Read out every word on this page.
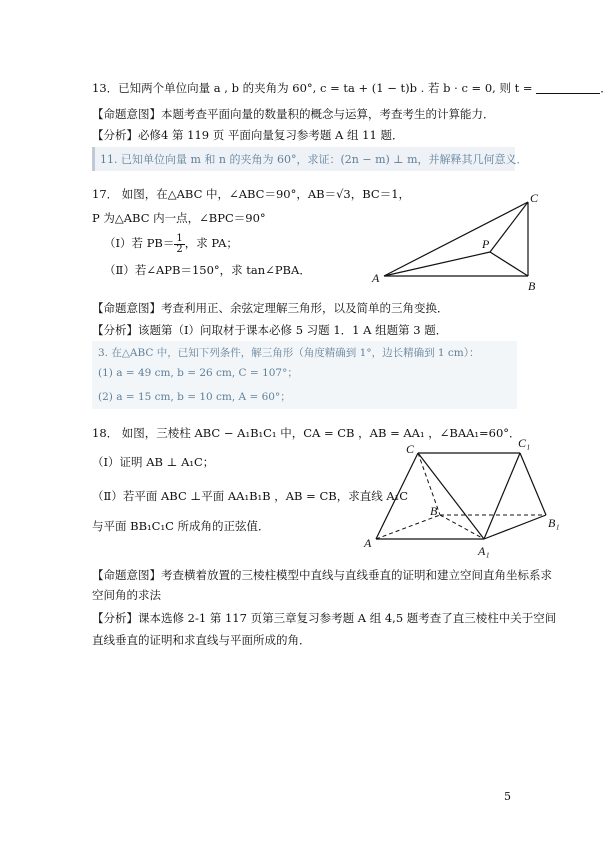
13．已知两个单位向量 a , b 的夹角为 60°, c = ta + (1 − t)b . 若 b · c = 0, 则 t =	．
【命题意图】本题考查平面向量的数量积的概念与运算，考查考生的计算能力．
【分析】必修4 第 119 页 平面向量复习参考题 A 组 11 题．
11. 已知单位向量 m 和 n 的夹角为 60°，求证：(2n − m) ⊥ m，并解释其几何意义．
17． 如图，在△ABC 中，∠ABC＝90°，AB＝√3，BC＝1，
P 为△ABC 内一点，∠BPC＝90°
（Ⅰ）若 $PB= \frac{1}{2}$ ，求 PA；
（Ⅱ）若∠APB＝150°，求 tan∠PBA．
A
B
C
P
【命题意图】考查利用正、余弦定理解三角形，以及简单的三角变换．
【分析】该题第（Ⅰ）问取材于课本必修 5 习题 1．1 A 组题第 3 题．
3. 在△ABC 中，已知下列条件，解三角形（角度精确到 1°，边长精确到 1 cm）：
(1) a = 49 cm, b = 26 cm, C = 107°；
(2) a = 15 cm, b = 10 cm, A = 60°；
18． 如图，三棱柱 ABC − A₁B₁C₁ 中，CA = CB ，AB = AA₁ ，∠BAA₁=60°．
（Ⅰ）证明 AB ⊥ A₁C；
（Ⅱ）若平面 ABC ⊥平面 AA₁B₁B ，AB = CB，求直线 A₁C
与平面 BB₁C₁C 所成角的正弦值．
A
B
C
A₁
B₁
C₁
【命题意图】考查横着放置的三棱柱模型中直线与直线垂直的证明和建立空间直角坐标系求
空间角的求法
【分析】课本选修 2-1 第 117 页第三章复习参考题 A 组 4,5 题考查了直三棱柱中关于空间
直线垂直的证明和求直线与平面所成的角．
5
